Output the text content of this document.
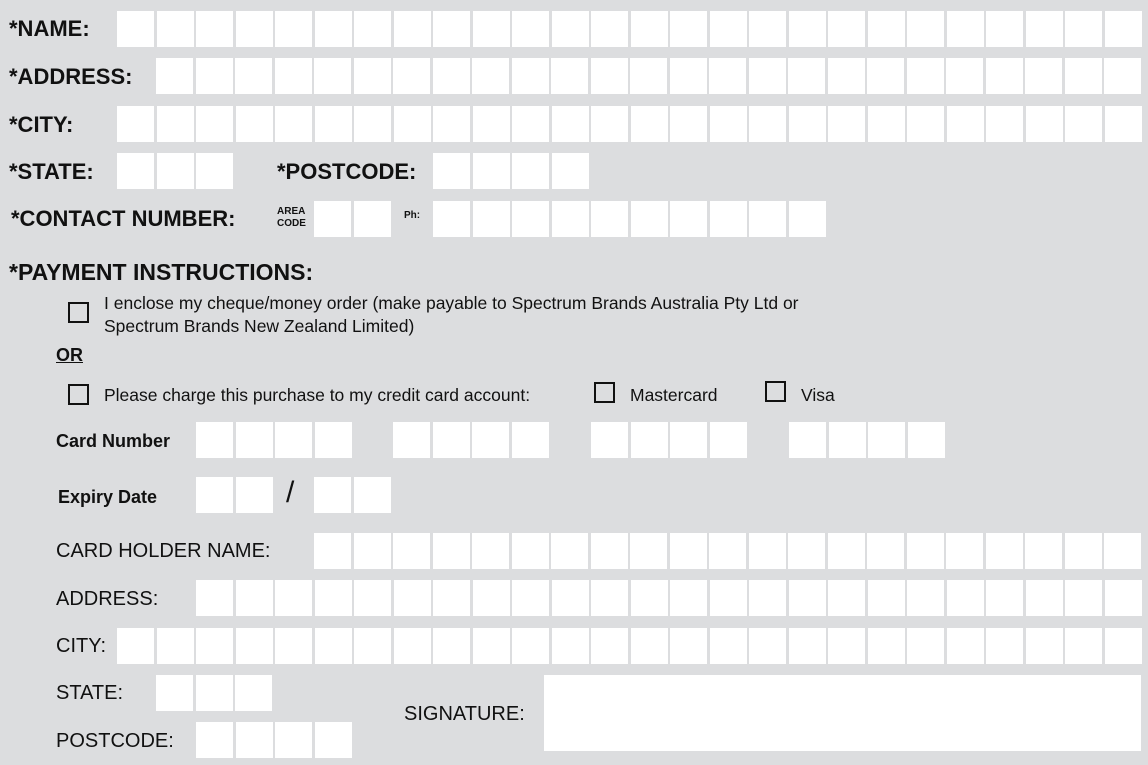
*NAME:
*ADDRESS:
*CITY:
*STATE:	*POSTCODE:
*CONTACT NUMBER:	AREA
CODE
Ph:
*PAYMENT INSTRUCTIONS:
I enclose my cheque/money order (make payable to Spectrum Brands Australia Pty Ltd or
Spectrum Brands New Zealand Limited)
OR
Please charge this purchase to my credit card account:	Mastercard	Visa
Card Number
Expiry Date	/
CARD HOLDER NAME:
ADDRESS:
CITY:
STATE:
POSTCODE:
SIGNATURE:
